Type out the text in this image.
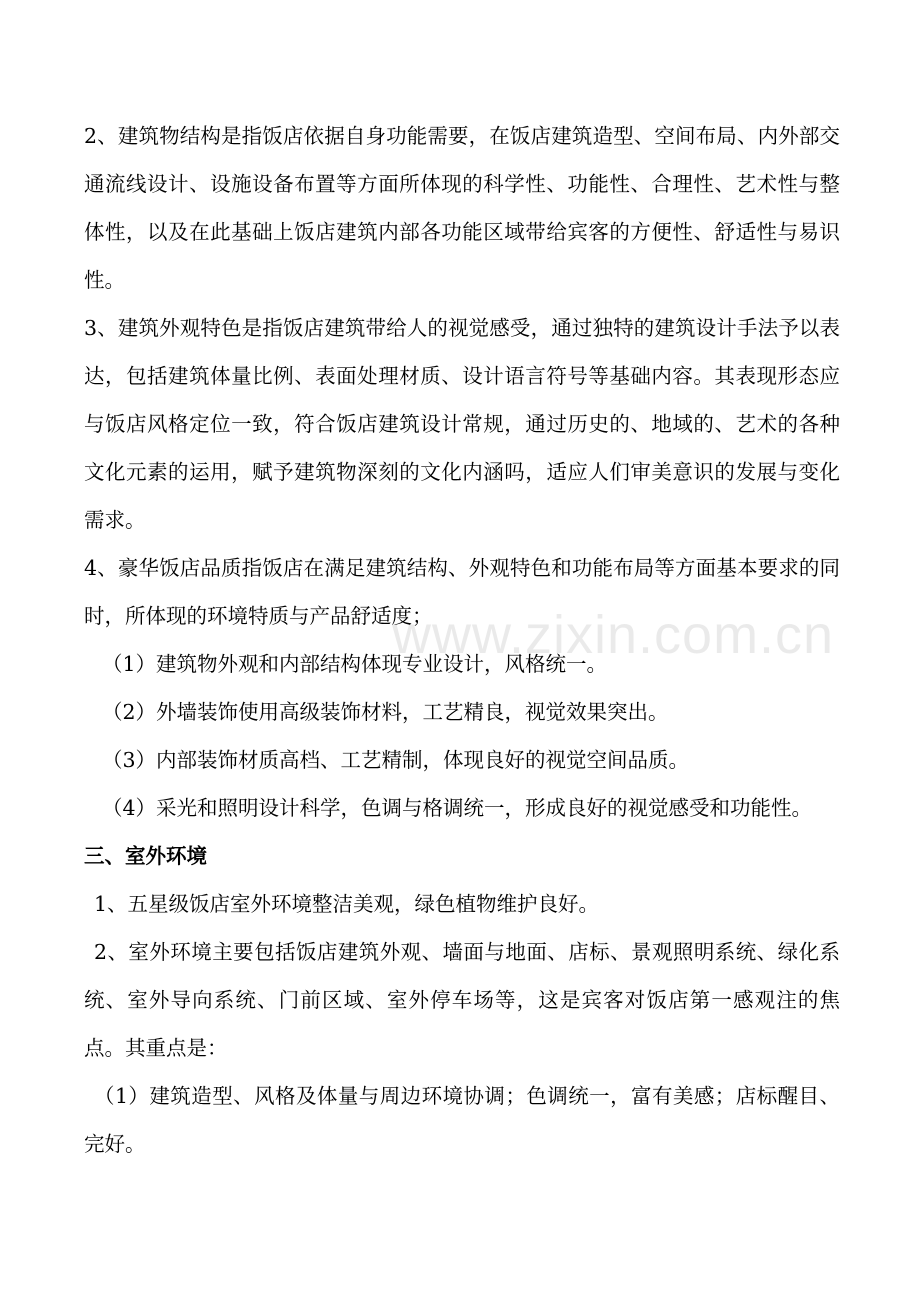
2、建筑物结构是指饭店依据自身功能需要，在饭店建筑造型、空间布局、内外部交通流线设计、设施设备布置等方面所体现的科学性、功能性、合理性、艺术性与整体性，以及在此基础上饭店建筑内部各功能区域带给宾客的方便性、舒适性与易识性。

3、建筑外观特色是指饭店建筑带给人的视觉感受，通过独特的建筑设计手法予以表达，包括建筑体量比例、表面处理材质、设计语言符号等基础内容。其表现形态应与饭店风格定位一致，符合饭店建筑设计常规，通过历史的、地域的、艺术的各种文化元素的运用，赋予建筑物深刻的文化内涵吗，适应人们审美意识的发展与变化需求。

4、豪华饭店品质指饭店在满足建筑结构、外观特色和功能布局等方面基本要求的同时，所体现的环境特质与产品舒适度；

（1）建筑物外观和内部结构体现专业设计，风格统一。

（2）外墙装饰使用高级装饰材料，工艺精良，视觉效果突出。

（3）内部装饰材质高档、工艺精制，体现良好的视觉空间品质。

（4）采光和照明设计科学，色调与格调统一，形成良好的视觉感受和功能性。

三、室外环境

1、五星级饭店室外环境整洁美观，绿色植物维护良好。

2、室外环境主要包括饭店建筑外观、墙面与地面、店标、景观照明系统、绿化系统、室外导向系统、门前区域、室外停车场等，这是宾客对饭店第一感观注的焦点。其重点是：

（1）建筑造型、风格及体量与周边环境协调；色调统一，富有美感；店标醒目、完好。

www.zixin.com.cn
